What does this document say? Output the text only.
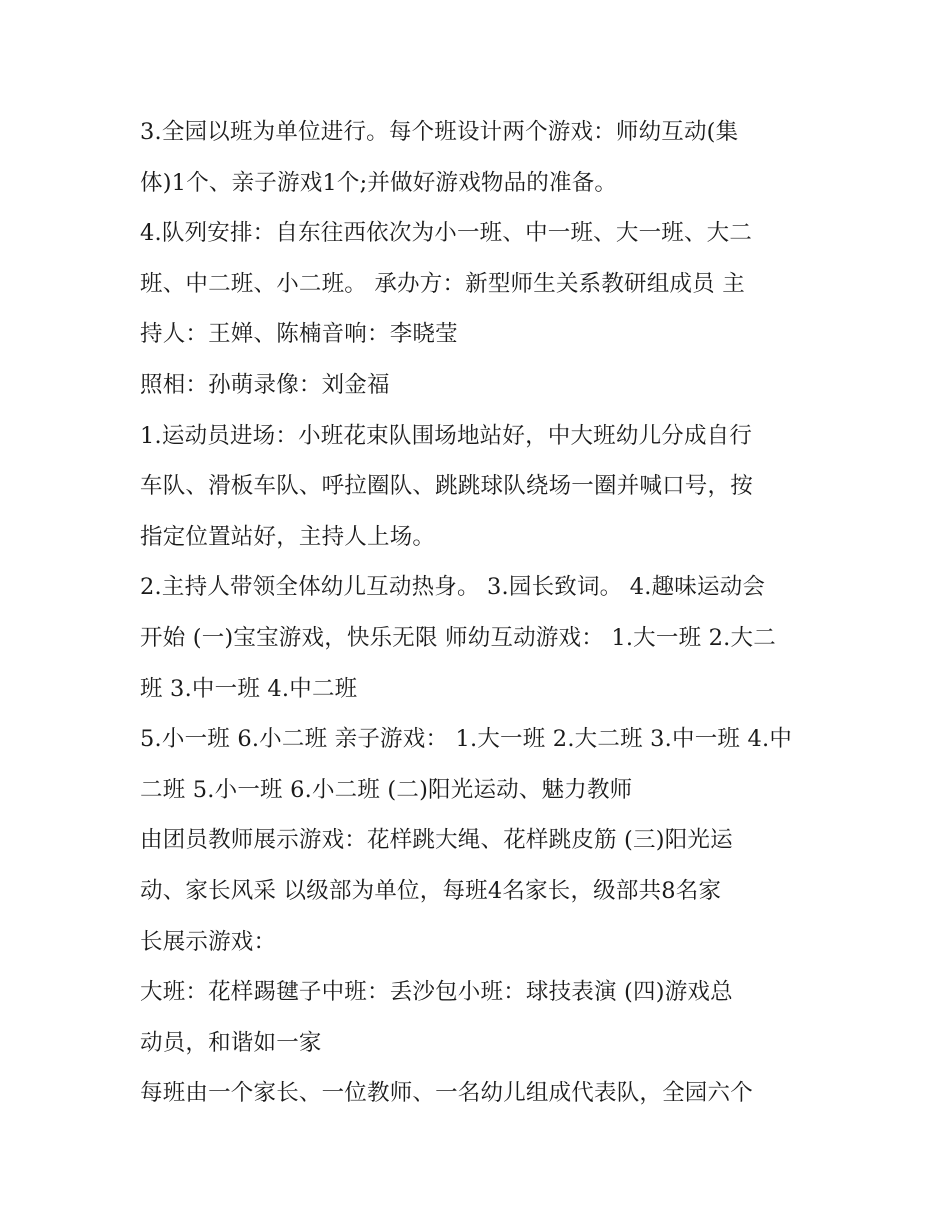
3.全园以班为单位进行。每个班设计两个游戏：师幼互动(集

体)1个、亲子游戏1个;并做好游戏物品的准备。

4.队列安排：自东往西依次为小一班、中一班、大一班、大二

班、中二班、小二班。 承办方：新型师生关系教研组成员 主

持人：王婵、陈楠音响：李晓莹

照相：孙萌录像：刘金福

1.运动员进场：小班花束队围场地站好，中大班幼儿分成自行

车队、滑板车队、呼拉圈队、跳跳球队绕场一圈并喊口号，按

指定位置站好，主持人上场。

2.主持人带领全体幼儿互动热身。 3.园长致词。 4.趣味运动会

开始 (一)宝宝游戏，快乐无限 师幼互动游戏： 1.大一班 2.大二

班 3.中一班 4.中二班

5.小一班 6.小二班 亲子游戏： 1.大一班 2.大二班 3.中一班 4.中

二班 5.小一班 6.小二班 (二)阳光运动、魅力教师

由团员教师展示游戏：花样跳大绳、花样跳皮筋 (三)阳光运

动、家长风采 以级部为单位，每班4名家长，级部共8名家

长展示游戏：

大班：花样踢毽子中班：丢沙包小班：球技表演 (四)游戏总

动员，和谐如一家

每班由一个家长、一位教师、一名幼儿组成代表队，全园六个
